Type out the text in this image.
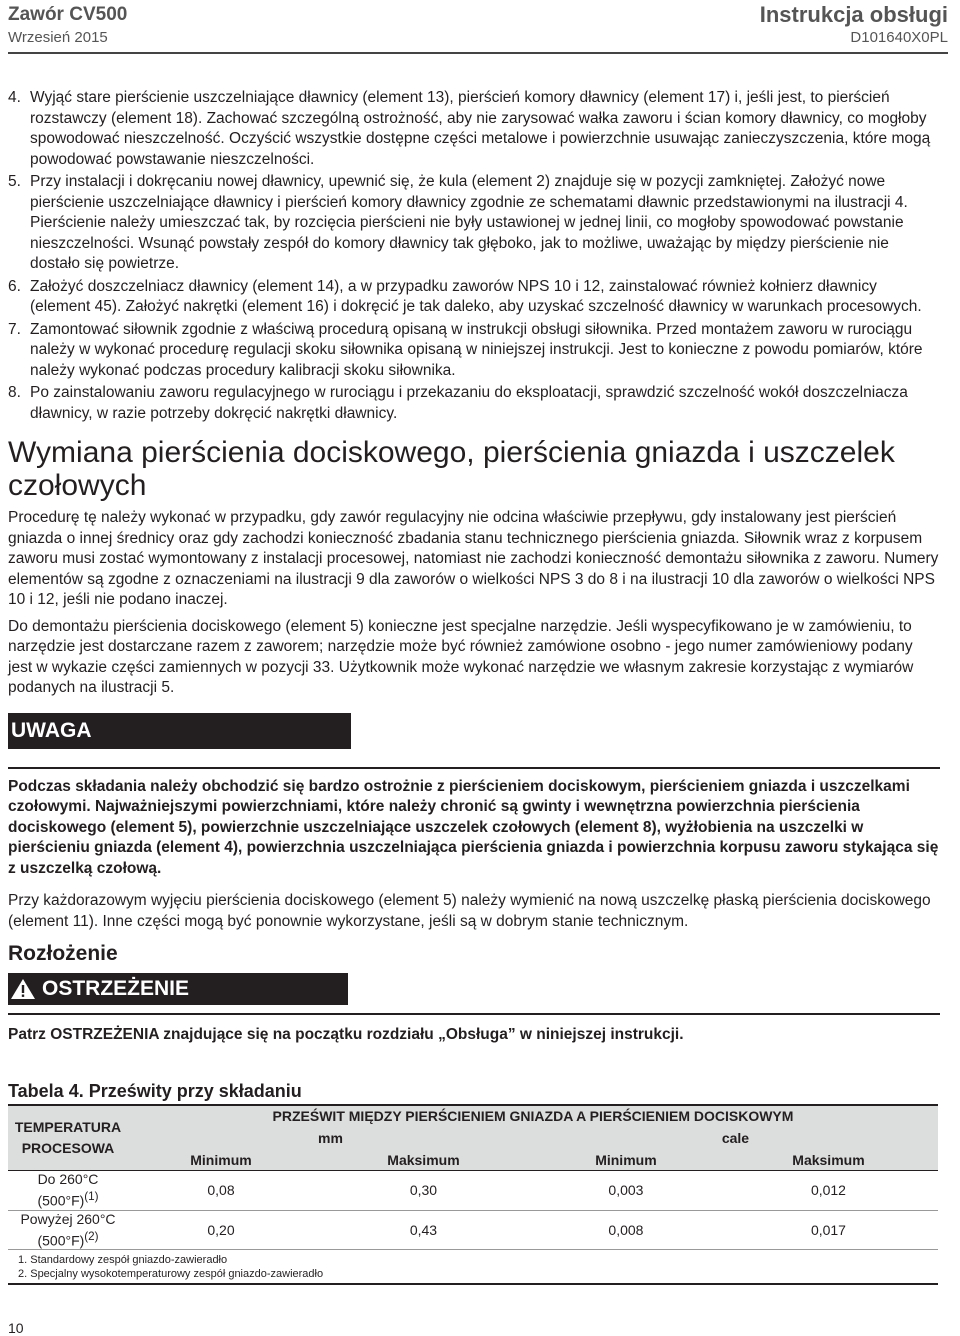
Zawór CV500
Wrzesień 2015
Instrukcja obsługi
D101640X0PL
4. Wyjąć stare pierścienie uszczelniające dławnicy (element 13), pierścień komory dławnicy (element 17) i, jeśli jest, to pierścień rozstawczy (element 18). Zachować szczególną ostrożność, aby nie zarysować wałka zaworu i ścian komory dławnicy, co mogłoby spowodować nieszczelność. Oczyścić wszystkie dostępne części metalowe i powierzchnie usuwając zanieczyszczenia, które mogą powodować powstawanie nieszczelności.
5. Przy instalacji i dokręcaniu nowej dławnicy, upewnić się, że kula (element 2) znajduje się w pozycji zamkniętej. Założyć nowe pierścienie uszczelniające dławnicy i pierścień komory dławnicy zgodnie ze schematami dławnic przedstawionymi na ilustracji 4. Pierścienie należy umieszczać tak, by rozcięcia pierścieni nie były ustawionej w jednej linii, co mogłoby spowodować powstanie nieszczelności. Wsunąć powstały zespół do komory dławnicy tak głęboko, jak to możliwe, uważając by między pierścienie nie dostało się powietrze.
6. Założyć doszczelniacz dławnicy (element 14), a w przypadku zaworów NPS 10 i 12, zainstalować również kołnierz dławnicy (element 45). Założyć nakrętki (element 16) i dokręcić je tak daleko, aby uzyskać szczelność dławnicy w warunkach procesowych.
7. Zamontować siłownik zgodnie z właściwą procedurą opisaną w instrukcji obsługi siłownika. Przed montażem zaworu w rurociągu należy w wykonać procedurę regulacji skoku siłownika opisaną w niniejszej instrukcji. Jest to konieczne z powodu pomiarów, które należy wykonać podczas procedury kalibracji skoku siłownika.
8. Po zainstalowaniu zaworu regulacyjnego w rurociągu i przekazaniu do eksploatacji, sprawdzić szczelność wokół doszczelniacza dławnicy, w razie potrzeby dokręcić nakrętki dławnicy.
Wymiana pierścienia dociskowego, pierścienia gniazda i uszczelek czołowych

Procedurę tę należy wykonać w przypadku, gdy zawór regulacyjny nie odcina właściwie przepływu, gdy instalowany jest pierścień gniazda o innej średnicy oraz gdy zachodzi konieczność zbadania stanu technicznego pierścienia gniazda. Siłownik wraz z korpusem zaworu musi zostać wymontowany z instalacji procesowej, natomiast nie zachodzi konieczność demontażu siłownika z zaworu. Numery elementów są zgodne z oznaczeniami na ilustracji 9 dla zaworów o wielkości NPS 3 do 8 i na ilustracji 10 dla zaworów o wielkości NPS 10 i 12, jeśli nie podano inaczej.

Do demontażu pierścienia dociskowego (element 5) konieczne jest specjalne narzędzie. Jeśli wyspecyfikowano je w zamówieniu, to narzędzie jest dostarczane razem z zaworem; narzędzie może być również zamówione osobno - jego numer zamówieniowy podany jest w wykazie części zamiennych w pozycji 33. Użytkownik może wykonać narzędzie we własnym zakresie korzystając z wymiarów podanych na ilustracji 5.

UWAGA

Podczas składania należy obchodzić się bardzo ostrożnie z pierścieniem dociskowym, pierścieniem gniazda i uszczelkami czołowymi. Najważniejszymi powierzchniami, które należy chronić są gwinty i wewnętrzna powierzchnia pierścienia dociskowego (element 5), powierzchnie uszczelniające uszczelek czołowych (element 8), wyżłobienia na uszczelki w pierścieniu gniazda (element 4), powierzchnia uszczelniająca pierścienia gniazda i powierzchnia korpusu zaworu stykająca się z uszczelką czołową.

Przy każdorazowym wyjęciu pierścienia dociskowego (element 5) należy wymienić na nową uszczelkę płaską pierścienia dociskowego (element 11). Inne części mogą być ponownie wykorzystane, jeśli są w dobrym stanie technicznym.

Rozłożenie
OSTRZEŻENIE

Patrz OSTRZEŻENIA znajdujące się na początku rozdziału „Obsługa” w niniejszej instrukcji.

Tabela 4. Prześwity przy składaniu
TEMPERATURA PROCESOWA	PRZEŚWIT MIĘDZY PIERŚCIENIEM GNIAZDA A PIERŚCIENIEM DOCISKOWYM			
	mm		cale	
	Minimum	Maksimum	Minimum	Maksimum
Do 260°C
$(500^\circ F)^{(1)}$	0,08	0,30	0,003	0,012
Powyżej 260°C
$(500^\circ F)^{(2)}$	0,20	0,43	0,008	0,017

1. Standardowy zespół gniazdo-zawieradło
2. Specjalny wysokotemperaturowy zespół gniazdo-zawieradło				

10
